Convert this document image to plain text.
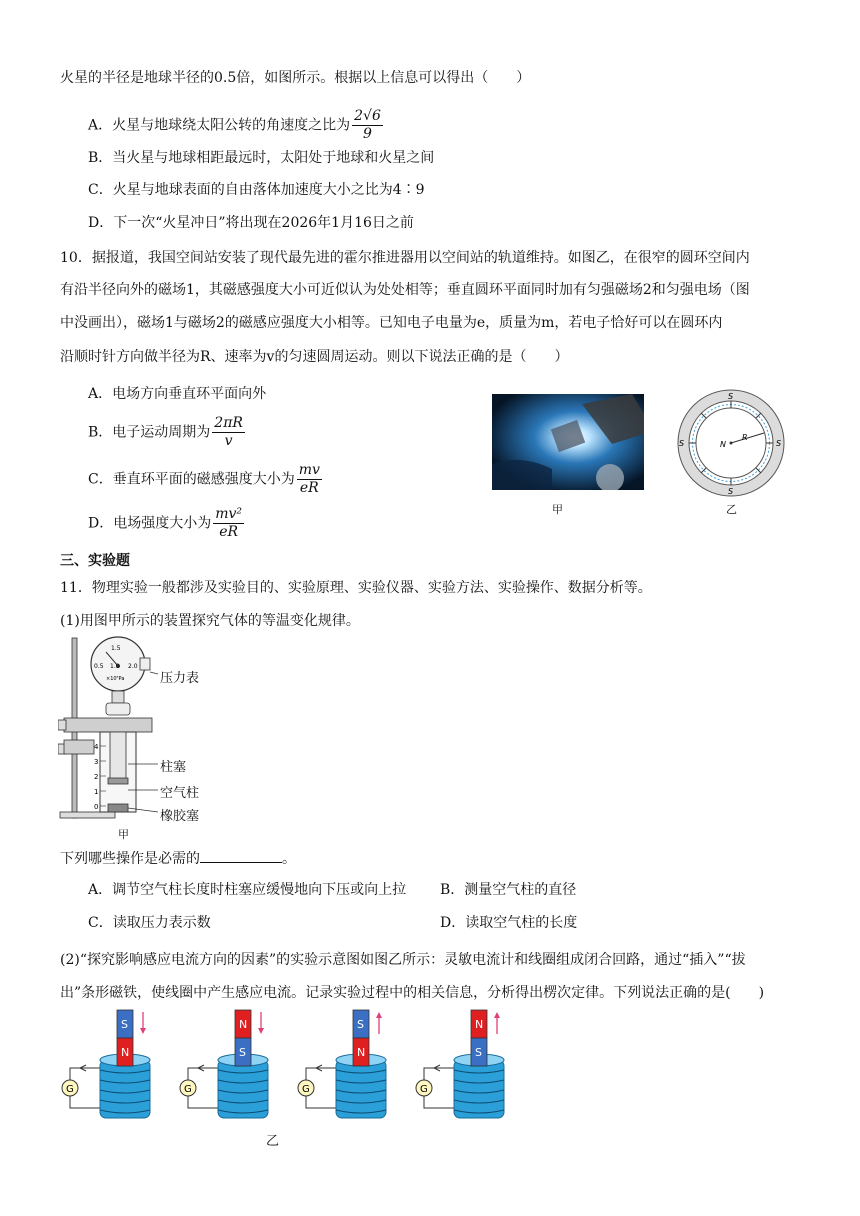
火星的半径是地球半径的0.5倍，如图所示。根据以上信息可以得出（　　）
A．火星与地球绕太阳公转的角速度之比为 $\frac{2√6}{9}$
B．当火星与地球相距最远时，太阳处于地球和火星之间
C．火星与地球表面的自由落体加速度大小之比为4∶9
D．下一次“火星冲日”将出现在2026年1月16日之前
10．据报道，我国空间站安装了现代最先进的霍尔推进器用以空间站的轨道维持。如图乙，在很窄的圆环空间内
有沿半径向外的磁场1，其磁感强度大小可近似认为处处相等；垂直圆环平面同时加有匀强磁场2和匀强电场（图
中没画出），磁场1与磁场2的磁感应强度大小相等。已知电子电量为e，质量为m，若电子恰好可以在圆环内
沿顺时针方向做半径为R、速率为v的匀速圆周运动。则以下说法正确的是（　　）
A．电场方向垂直环平面向外
B．电子运动周期为 $\frac{2\pi R}{v}$
C．垂直环平面的磁感强度大小为 $\frac{mv}{eR}$
D．电场强度大小为 $\frac{\text{mv²}}{eR}$	甲
S
S
S	S
N
R
乙
三、实验题
11．物理实验一般都涉及实验目的、实验原理、实验仪器、实验方法、实验操作、数据分析等。
(1)用图甲所示的装置探究气体的等温变化规律。
1.5
0.5 1.0 2.0
×10⁵Pa
4
3
2
1
0
压力表
柱塞
空气柱
橡胶塞
甲
下列哪些操作是必需的	。
A．调节空气柱长度时柱塞应缓慢地向下压或向上拉 B．测量空气柱的直径
C．读取压力表示数	D．读取空气柱的长度
(2)“探究影响感应电流方向的因素”的实验示意图如图乙所示：灵敏电流计和线圈组成闭合回路，通过“插入”“拔
出”条形磁铁，使线圈中产生感应电流。记录实验过程中的相关信息，分析得出楞次定律。下列说法正确的是(　　)
G
S
N
G
N
S
G
S
N
G
N
S
乙
